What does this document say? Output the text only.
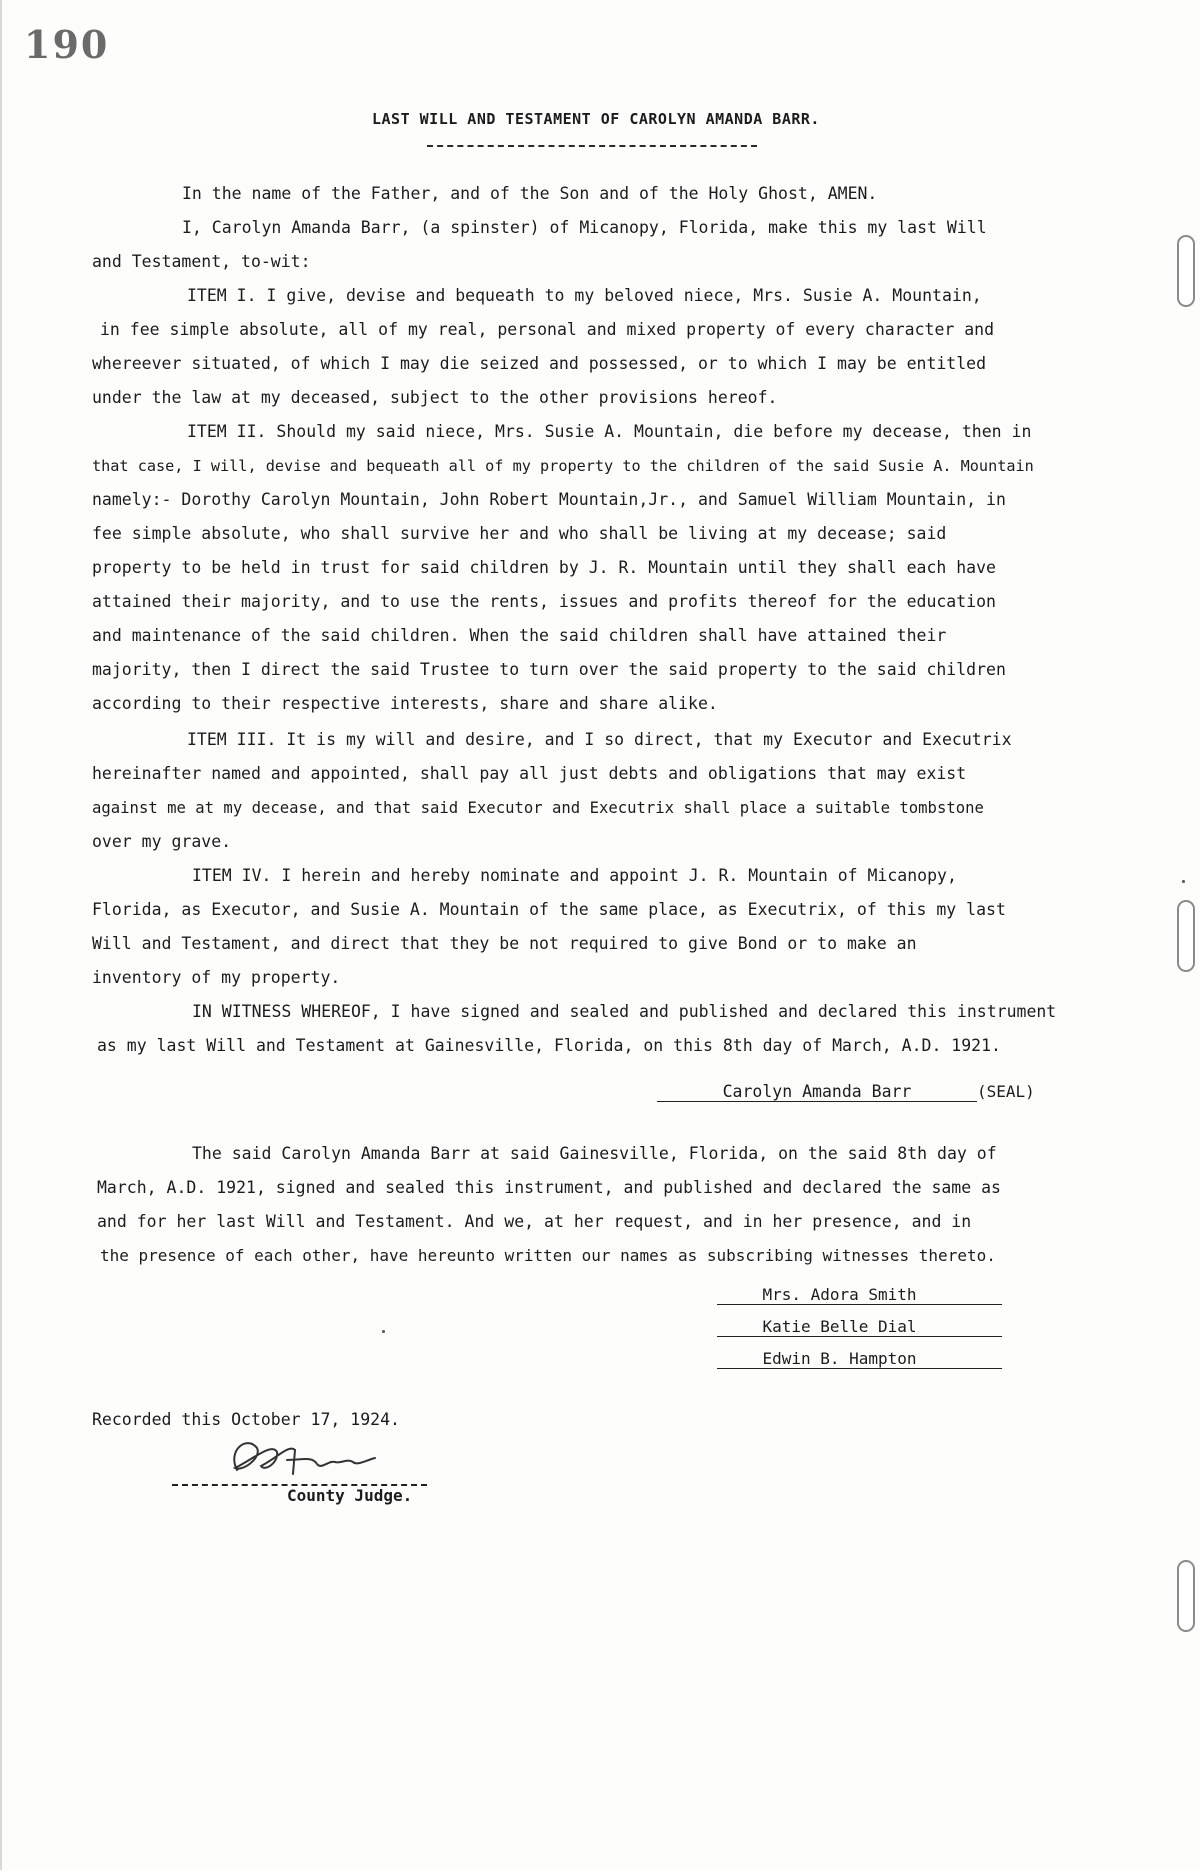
190
LAST WILL AND TESTAMENT OF CAROLYN AMANDA BARR.
In the name of the Father, and of the Son and of the Holy Ghost, AMEN.
I, Carolyn Amanda Barr, (a spinster) of Micanopy, Florida, make this my last Will
and Testament, to-wit:
ITEM I. I give, devise and bequeath to my beloved niece, Mrs. Susie A. Mountain,
in fee simple absolute, all of my real, personal and mixed property of every character and
whereever situated, of which I may die seized and possessed, or to which I may be entitled
under the law at my deceased, subject to the other provisions hereof.
ITEM II. Should my said niece, Mrs. Susie A. Mountain, die before my decease, then in
that case, I will, devise and bequeath all of my property to the children of the said Susie A. Mountain
namely:- Dorothy Carolyn Mountain, John Robert Mountain,Jr., and Samuel William Mountain, in
fee simple absolute, who shall survive her and who shall be living at my decease; said
property to be held in trust for said children by J. R. Mountain until they shall each have
attained their majority, and to use the rents, issues and profits thereof for the education
and maintenance of the said children. When the said children shall have attained their
majority, then I direct the said Trustee to turn over the said property to the said children
according to their respective interests, share and share alike.
ITEM III. It is my will and desire, and I so direct, that my Executor and Executrix
hereinafter named and appointed, shall pay all just debts and obligations that may exist
against me at my decease, and that said Executor and Executrix shall place a suitable tombstone
over my grave.
ITEM IV. I herein and hereby nominate and appoint J. R. Mountain of Micanopy,
Florida, as Executor, and Susie A. Mountain of the same place, as Executrix, of this my last
Will and Testament, and direct that they be not required to give Bond or to make an
inventory of my property.
IN WITNESS WHEREOF, I have signed and sealed and published and declared this instrument
as my last Will and Testament at Gainesville, Florida, on this 8th day of March, A.D. 1921.
Carolyn Amanda Barr	(SEAL)
The said Carolyn Amanda Barr at said Gainesville, Florida, on the said 8th day of
March, A.D. 1921, signed and sealed this instrument, and published and declared the same as
and for her last Will and Testament. And we, at her request, and in her presence, and in
the presence of each other, have hereunto written our names as subscribing witnesses thereto.
Mrs. Adora Smith
Katie Belle Dial
Edwin B. Hampton
Recorded this October 17, 1924.
County Judge.
